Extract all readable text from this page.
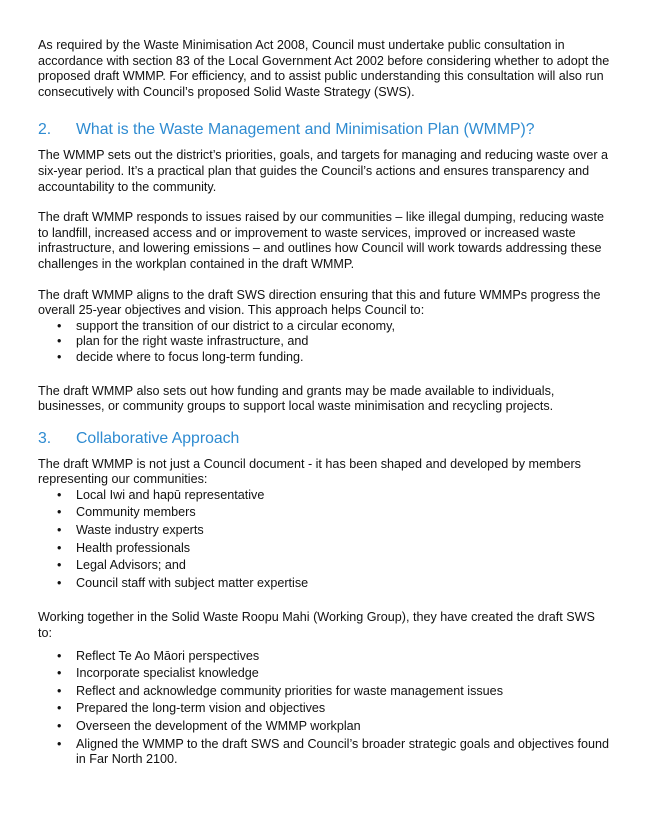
As required by the Waste Minimisation Act 2008, Council must undertake public consultation in accordance with section 83 of the Local Government Act 2002 before considering whether to adopt the proposed draft WMMP. For efficiency, and to assist public understanding this consultation will also run consecutively with Council’s proposed Solid Waste Strategy (SWS).

2.	What is the Waste Management and Minimisation Plan (WMMP)?

The WMMP sets out the district’s priorities, goals, and targets for managing and reducing waste over a six-year period. It’s a practical plan that guides the Council’s actions and ensures transparency and accountability to the community.

The draft WMMP responds to issues raised by our communities – like illegal dumping, reducing waste to landfill, increased access and or improvement to waste services, improved or increased waste infrastructure, and lowering emissions – and outlines how Council will work towards addressing these challenges in the workplan contained in the draft WMMP.

The draft WMMP aligns to the draft SWS direction ensuring that this and future WMMPs progress the overall 25-year objectives and vision. This approach helps Council to:

• support the transition of our district to a circular economy,
• plan for the right waste infrastructure, and
• decide where to focus long-term funding.

The draft WMMP also sets out how funding and grants may be made available to individuals, businesses, or community groups to support local waste minimisation and recycling projects.

3.	Collaborative Approach

The draft WMMP is not just a Council document - it has been shaped and developed by members representing our communities:

• Local Iwi and hapū representative
• Community members
• Waste industry experts
• Health professionals
• Legal Advisors; and
• Council staff with subject matter expertise

Working together in the Solid Waste Roopu Mahi (Working Group), they have created the draft SWS to:

• Reflect Te Ao Māori perspectives
• Incorporate specialist knowledge
• Reflect and acknowledge community priorities for waste management issues
• Prepared the long-term vision and objectives
• Overseen the development of the WMMP workplan
• Aligned the WMMP to the draft SWS and Council’s broader strategic goals and objectives found in Far North 2100.
